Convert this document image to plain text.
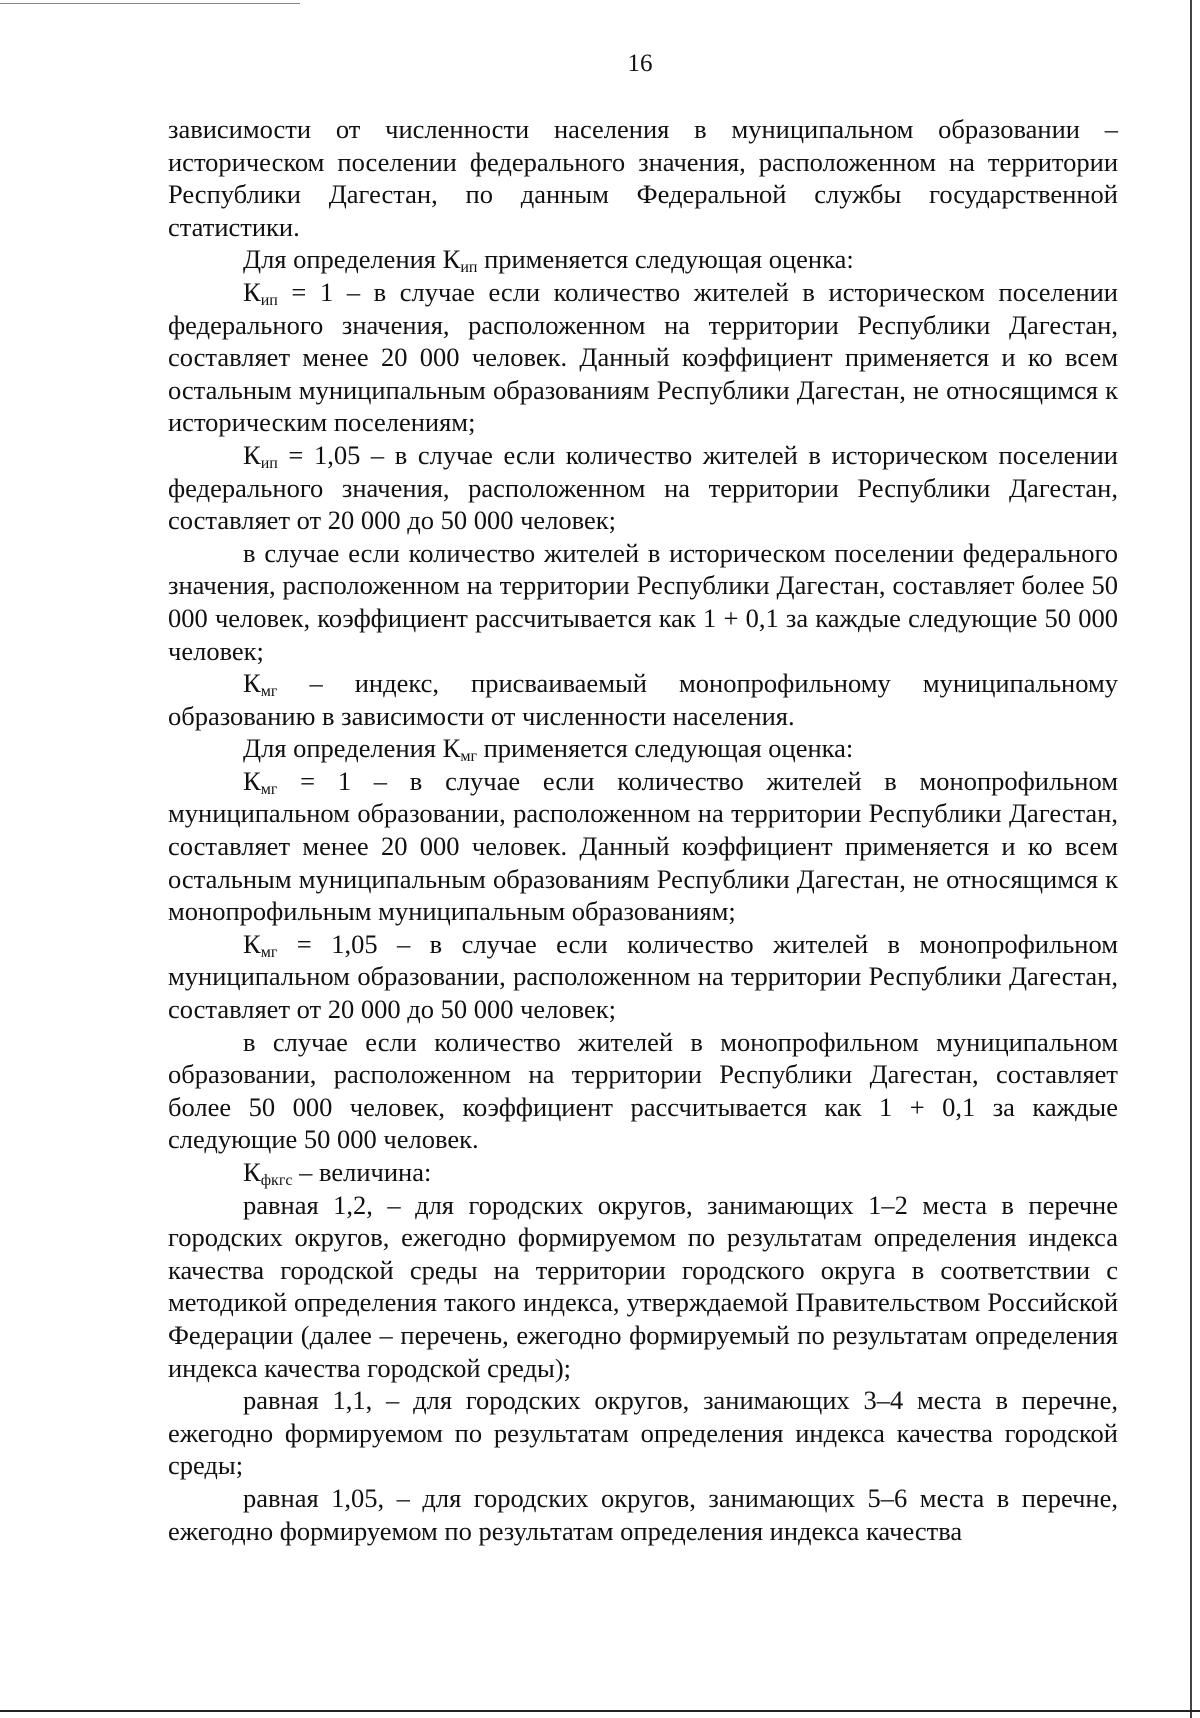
16

зависимости от численности населения в муниципальном образовании – историческом поселении федерального значения, расположенном на территории Республики Дагестан, по данным Федеральной службы государственной статистики.

Для определения $К_{ип}$ применяется следующая оценка:

$К_{ип} = 1 - в$ случае если количество жителей в историческом поселении федерального значения, расположенном на территории Республики Дагестан, составляет менее 20 000 человек. Данный коэффициент применяется и ко всем остальным муниципальным образованиям Республики Дагестан, не относящимся к историческим поселениям;

$К_{ип} = 1,05 - в$ случае если количество жителей в историческом поселении федерального значения, расположенном на территории Республики Дагестан, составляет от 20 000 до 50 000 человек;

в случае если количество жителей в историческом поселении федерального значения, расположенном на территории Республики Дагестан, составляет более 50 000 человек, коэффициент рассчитывается как 1 + 0,1 за каждые следующие 50 000 человек;

$К_{мг}$ – индекс, присваиваемый монопрофильному муниципальному образованию в зависимости от численности населения.

Для определения $К_{мг}$ применяется следующая оценка:

$К_{мг} = 1 - в$ случае если количество жителей в монопрофильном муниципальном образовании, расположенном на территории Республики Дагестан, составляет менее 20 000 человек. Данный коэффициент применяется и ко всем остальным муниципальным образованиям Республики Дагестан, не относящимся к монопрофильным муниципальным образованиям;

$К_{мг} = 1,05 - в$ случае если количество жителей в монопрофильном муниципальном образовании, расположенном на территории Республики Дагестан, составляет от 20 000 до 50 000 человек;

в случае если количество жителей в монопрофильном муниципальном образовании, расположенном на территории Республики Дагестан, составляет более 50 000 человек, коэффициент рассчитывается как 1 + 0,1 за каждые следующие 50 000 человек.

$К_{фкгс}$ – величина:

равная 1,2, – для городских округов, занимающих 1–2 места в перечне городских округов, ежегодно формируемом по результатам определения индекса качества городской среды на территории городского округа в соответствии с методикой определения такого индекса, утверждаемой Правительством Российской Федерации (далее – перечень, ежегодно формируемый по результатам определения индекса качества городской среды);

равная 1,1, – для городских округов, занимающих 3–4 места в перечне, ежегодно формируемом по результатам определения индекса качества городской среды;

равная 1,05, – для городских округов, занимающих 5–6 места в перечне, ежегодно формируемом по результатам определения индекса качества
